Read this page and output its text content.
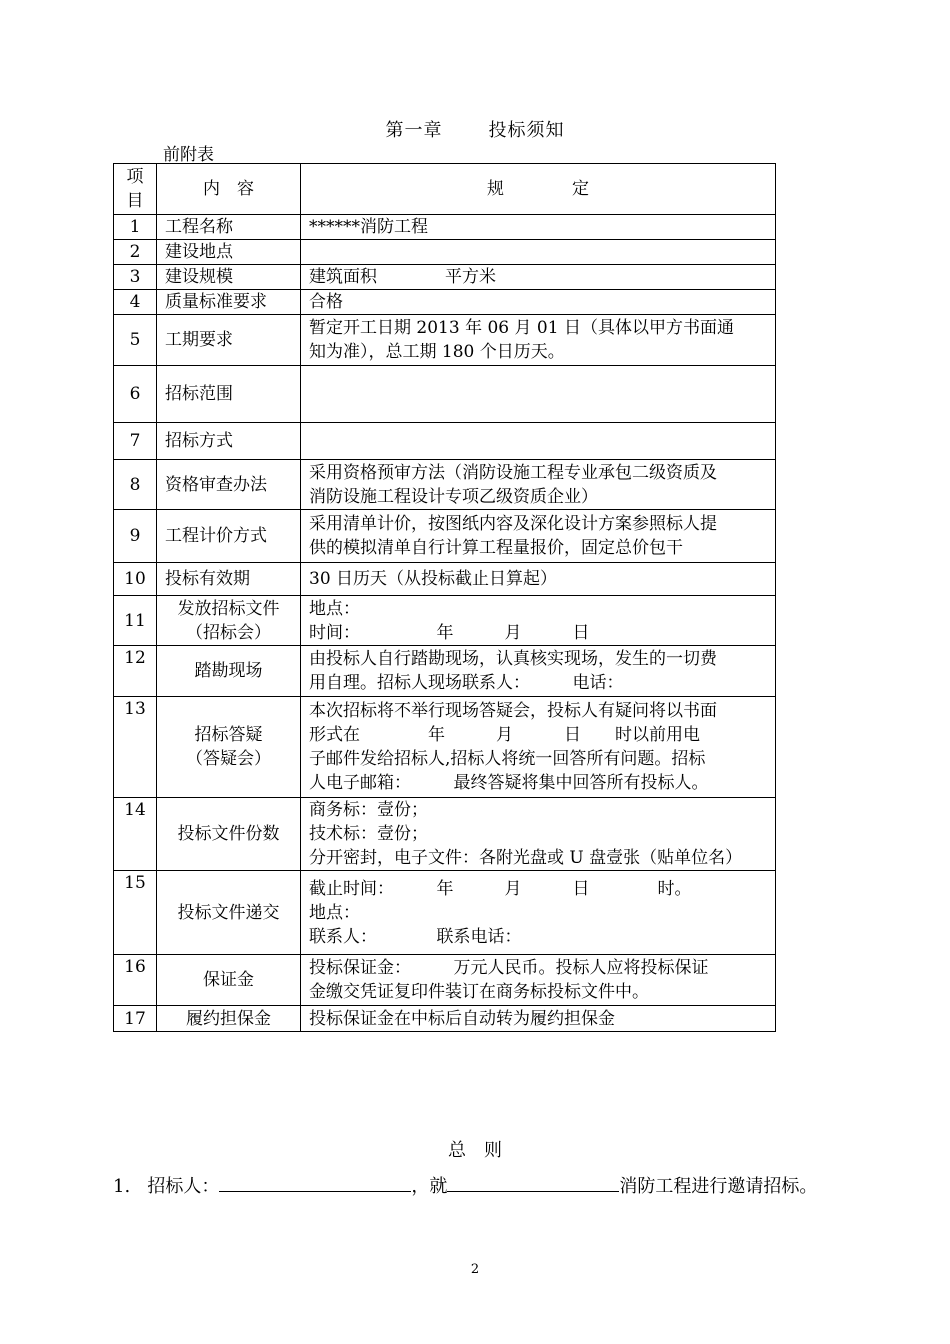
第一章	投标须知
前附表
项目	内　容	规　　　　定
1	工程名称	******消防工程

2	建设地点	

3	建设规模	建筑面积　　　　平方米

4	质量标准要求	合格

5	工期要求	暂定开工日期 2013 年 06 月 01 日（具体以甲方书面通
知为准），总工期 180 个日历天。

6	招标范围	

7	招标方式	

8	资格审查办法	采用资格预审方法（消防设施工程专业承包二级资质及
消防设施工程设计专项乙级资质企业）

9	工程计价方式	采用清单计价，按图纸内容及深化设计方案参照标人提
供的模拟清单自行计算工程量报价，固定总价包干

10	投标有效期	30 日历天（从投标截止日算起）

11	发放招标文件
（招标会）	地点：
时间：　　　　　年　　　月　　　日

12	踏勘现场	由投标人自行踏勘现场，认真核实现场，发生的一切费
用自理。招标人现场联系人：　　　电话：

13	招标答疑
（答疑会）	本次招标将不举行现场答疑会，投标人有疑问将以书面
形式在　　　　年　　　月　　　日　　时以前用电
子邮件发给招标人,招标人将统一回答所有问题。招标
人电子邮箱：　　　最终答疑将集中回答所有投标人。

14	投标文件份数	商务标：壹份；
技术标：壹份；
分开密封，电子文件：各附光盘或 U 盘壹张（贴单位名）

15	投标文件递交	截止时间：　　　年　　　月　　　日　　　　时。
地点：
联系人：　　　　联系电话：

16	保证金	投标保证金：　　　万元人民币。投标人应将投标保证
金缴交凭证复印件装订在商务标投标文件中。

17	履约担保金	投标保证金在中标后自动转为履约担保金
总　则
1. 招标人：	，就	消防工程进行邀请招标。
2
